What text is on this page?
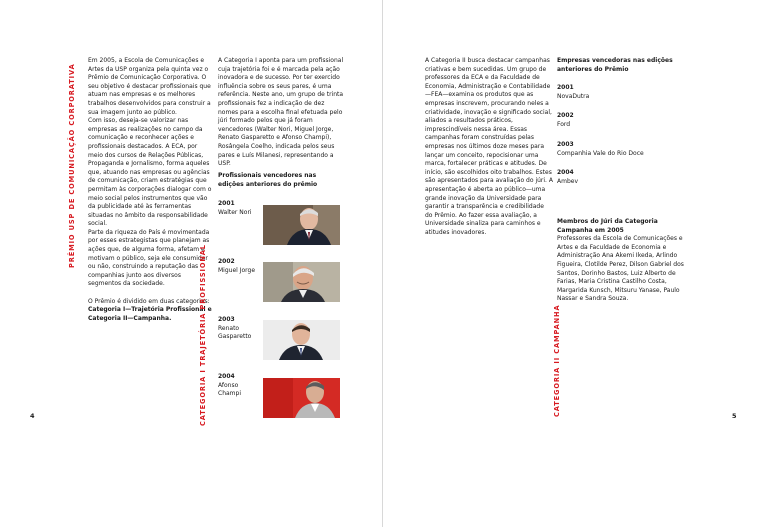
PRÊMIO USP DE COMUNICAÇÃO CORPORATIVA

Em 2005, a Escola de Comunicações e Artes da USP organiza pela quinta vez o Prêmio de Comunicação Corporativa. O seu objetivo é destacar profissionais que atuam nas empresas e os melhores trabalhos desenvolvidos para construir a sua imagem junto ao público.

Com isso, deseja-se valorizar nas empresas as realizações no campo da comunicação e reconhecer ações e profissionais destacados. A ECA, por meio dos cursos de Relações Públicas, Propaganda e Jornalismo, forma aqueles que, atuando nas empresas ou agências de comunicação, criam estratégias que permitam às corporações dialogar com o meio social pelos instrumentos que vão da publicidade até às ferramentas situadas no âmbito da responsabilidade social.

Parte da riqueza do País é movimentada por esses estrategistas que planejam as ações que, de alguma forma, afetam e motivam o público, seja ele consumidor ou não, construindo a reputação das companhias junto aos diversos segmentos da sociedade.

O Prêmio é dividido em duas categorias:

Categoria I—Trajetória Profissional e Categoria II—Campanha.

A Categoria I aponta para um profissional cuja trajetória foi e é marcada pela ação inovadora e de sucesso. Por ter exercido influência sobre os seus pares, é uma referência. Neste ano, um grupo de trinta profissionais fez a indicação de dez nomes para a escolha final efetuada pelo júri formado pelos que já foram vencedores (Walter Nori, Miguel Jorge, Renato Gasparetto e Afonso Champi), Rosângela Coelho, indicada pelos seus pares e Luís Milanesi, representando a USP.

Profissionais vencedores nas edições anteriores do prêmio
CATEGORIA I TRAJETÓRIA PROFISSIONAL
2001
Walter Nori
2002
Miguel Jorge
2003
Renato Gasparetto
2004
Afonso Champi
4

A Categoria II busca destacar campanhas criativas e bem sucedidas. Um grupo de professores da ECA e da Faculdade de Economia, Administração e Contabilidade—FEA—examina os produtos que as empresas inscrevem, procurando neles a criatividade, inovação e significado social, aliados a resultados práticos, imprescindíveis nessa área. Essas campanhas foram construídas pelas empresas nos últimos doze meses para lançar um conceito, repocisionar uma marca, fortalecer práticas e atitudes. De início, são escolhidos oito trabalhos. Estes são apresentados para avaliação do júri. A apresentação é aberta ao público—uma grande inovação da Universidade para garantir a transparência e credibilidade do Prêmio. Ao fazer essa avaliação, a Universidade sinaliza para caminhos e atitudes inovadores.

Empresas vencedoras nas edições anteriores do Prêmio

2001
NovaDutra
2002
Ford
2003
Companhia Vale do Rio Doce
2004
Ambev

Membros do Júri da Categoria Campanha em 2005

Professores da Escola de Comunicações e Artes e da Faculdade de Economia e Administração Ana Akemi Ikeda, Arlindo Figueira, Clotilde Perez, Dilson Gabriel dos Santos, Dorinho Bastos, Luiz Alberto de Farias, Maria Cristina Castilho Costa, Margarida Kunsch, Mitsuru Yanase, Paulo Nassar e Sandra Souza.

CATEGORIA II CAMPANHA	5
